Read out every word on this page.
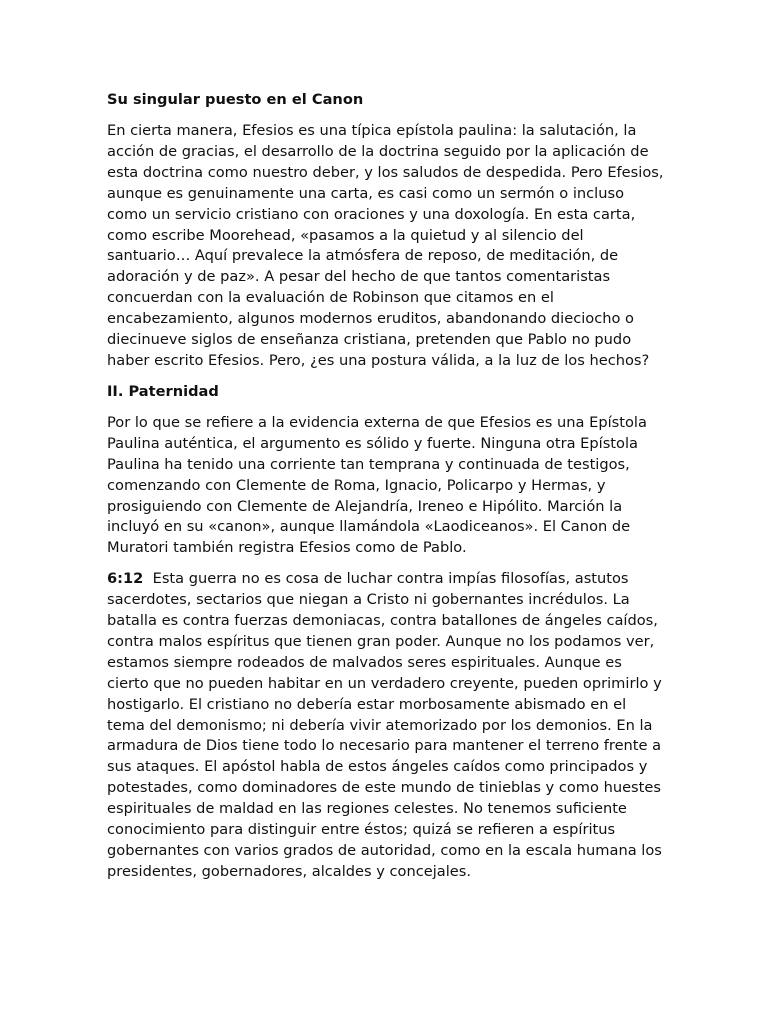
Su singular puesto en el Canon

En cierta manera, Efesios es una típica epístola paulina: la salutación, la acción de gracias, el desarrollo de la doctrina seguido por la aplicación de esta doctrina como nuestro deber, y los saludos de despedida. Pero Efesios, aunque es genuinamente una carta, es casi como un sermón o incluso como un servicio cristiano con oraciones y una doxología. En esta carta, como escribe Moorehead, «pasamos a la quietud y al silencio del santuario… Aquí prevalece la atmósfera de reposo, de meditación, de adoración y de paz». A pesar del hecho de que tantos comentaristas concuerdan con la evaluación de Robinson que citamos en el encabezamiento, algunos modernos eruditos, abandonando dieciocho o diecinueve siglos de enseñanza cristiana, pretenden que Pablo no pudo haber escrito Efesios. Pero, ¿es una postura válida, a la luz de los hechos?

II. Paternidad

Por lo que se refiere a la evidencia externa de que Efesios es una Epístola Paulina auténtica, el argumento es sólido y fuerte. Ninguna otra Epístola Paulina ha tenido una corriente tan temprana y continuada de testigos, comenzando con Clemente de Roma, Ignacio, Policarpo y Hermas, y prosiguiendo con Clemente de Alejandría, Ireneo e Hipólito. Marción la incluyó en su «canon», aunque llamándola «Laodiceanos». El Canon de Muratori también registra Efesios como de Pablo.

6:12 Esta guerra no es cosa de luchar contra impías filosofías, astutos sacerdotes, sectarios que niegan a Cristo ni gobernantes incrédulos. La batalla es contra fuerzas demoniacas, contra batallones de ángeles caídos, contra malos espíritus que tienen gran poder. Aunque no los podamos ver, estamos siempre rodeados de malvados seres espirituales. Aunque es cierto que no pueden habitar en un verdadero creyente, pueden oprimirlo y hostigarlo. El cristiano no debería estar morbosamente abismado en el tema del demonismo; ni debería vivir atemorizado por los demonios. En la armadura de Dios tiene todo lo necesario para mantener el terreno frente a sus ataques. El apóstol habla de estos ángeles caídos como principados y potestades, como dominadores de este mundo de tinieblas y como huestes espirituales de maldad en las regiones celestes. No tenemos suficiente conocimiento para distinguir entre éstos; quizá se refieren a espíritus gobernantes con varios grados de autoridad, como en la escala humana los presidentes, gobernadores, alcaldes y concejales.
